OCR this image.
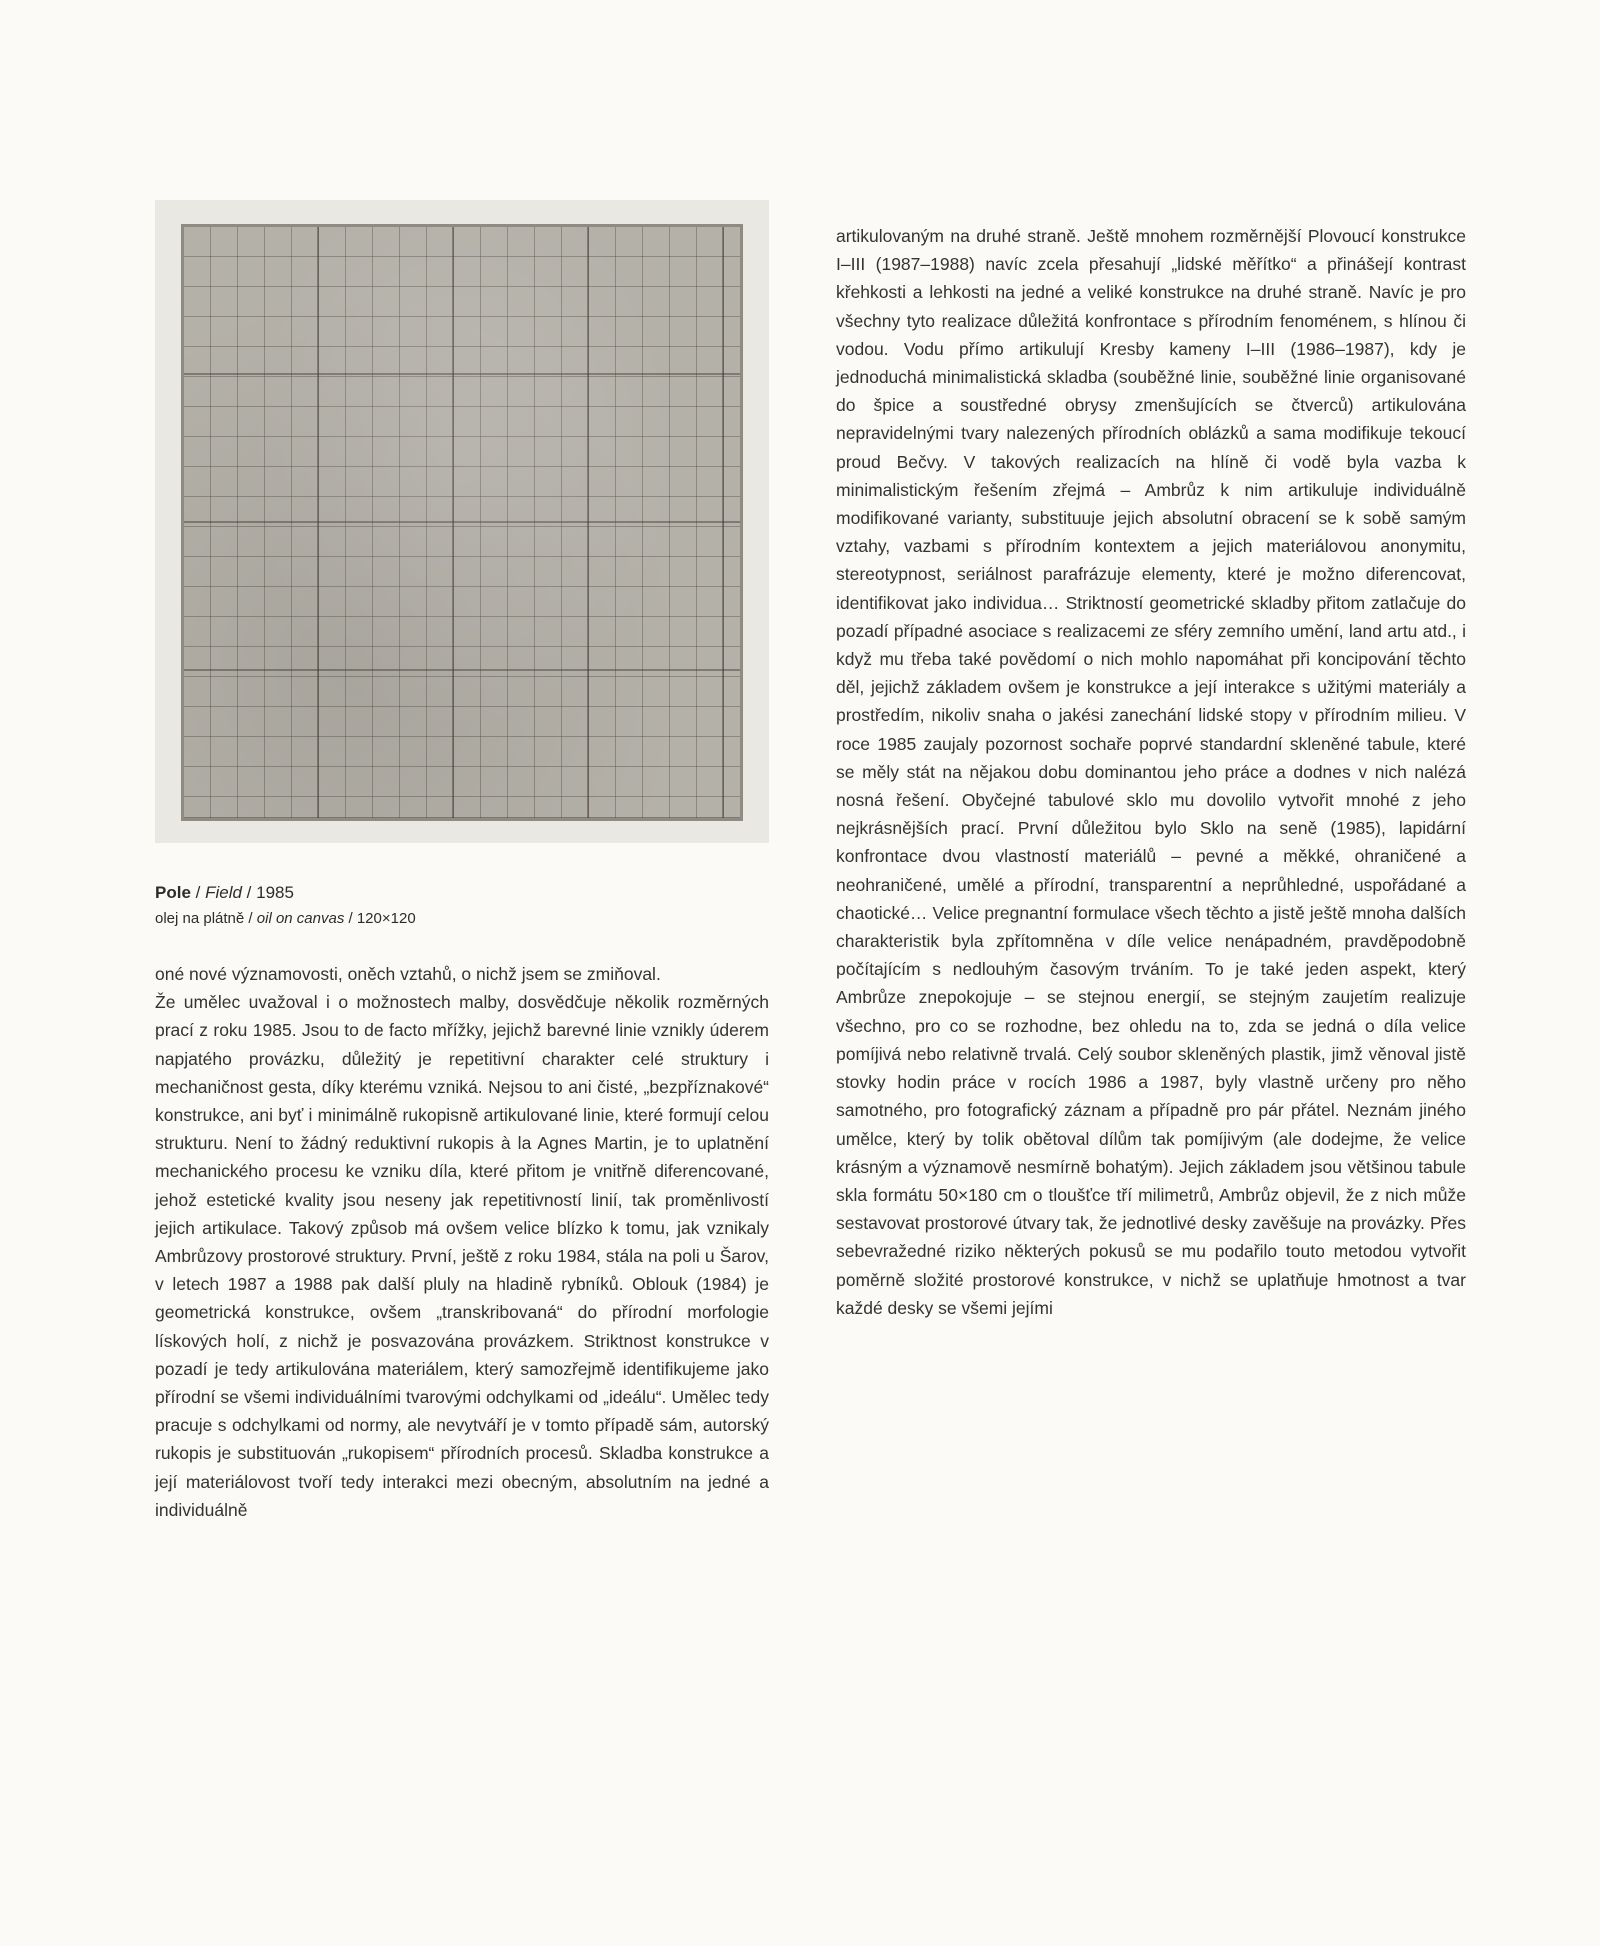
Pole / Field / 1985
olej na plátně / oil on canvas / 120×120

oné nové významovosti, oněch vztahů, o nichž jsem se zmiňoval.

Že umělec uvažoval i o možnostech malby, dosvědčuje několik rozměrných prací z roku 1985. Jsou to de facto mřížky, jejichž barevné linie vznikly úderem napjatého provázku, důležitý je repetitivní charakter celé struktury i mechaničnost gesta, díky kterému vzniká. Nejsou to ani čisté, „bezpříznakové“ konstrukce, ani byť i minimálně rukopisně artikulované linie, které formují celou strukturu. Není to žádný reduktivní rukopis à la Agnes Martin, je to uplatnění mechanického procesu ke vzniku díla, které přitom je vnitřně diferencované, jehož estetické kvality jsou neseny jak repetitivností linií, tak proměnlivostí jejich artikulace. Takový způsob má ovšem velice blízko k tomu, jak vznikaly Ambrůzovy prostorové struktury. První, ještě z roku 1984, stála na poli u Šarov, v letech 1987 a 1988 pak další pluly na hladině rybníků. Oblouk (1984) je geometrická konstrukce, ovšem „transkribovaná“ do přírodní morfologie lískových holí, z nichž je posvazována provázkem. Striktnost konstrukce v pozadí je tedy artikulována materiálem, který samozřejmě identifikujeme jako přírodní se všemi individuálními tvarovými odchylkami od „ideálu“. Umělec tedy pracuje s odchylkami od normy, ale nevytváří je v tomto případě sám, autorský rukopis je substituován „rukopisem“ přírodních procesů. Skladba konstrukce a její materiálovost tvoří tedy interakci mezi obecným, absolutním na jedné a individuálně

artikulovaným na druhé straně. Ještě mnohem rozměrnější Plovoucí konstrukce I–III (1987–1988) navíc zcela přesahují „lidské měřítko“ a přinášejí kontrast křehkosti a lehkosti na jedné a veliké konstrukce na druhé straně. Navíc je pro všechny tyto realizace důležitá konfrontace s přírodním fenoménem, s hlínou či vodou. Vodu přímo artikulují Kresby kameny I–III (1986–1987), kdy je jednoduchá minimalistická skladba (souběžné linie, souběžné linie organisované do špice a soustředné obrysy zmenšujících se čtverců) artikulována nepravidelnými tvary nalezených přírodních oblázků a sama modifikuje tekoucí proud Bečvy. V takových realizacích na hlíně či vodě byla vazba k minimalistickým řešením zřejmá – Ambrůz k nim artikuluje individuálně modifikované varianty, substituuje jejich absolutní obracení se k sobě samým vztahy, vazbami s přírodním kontextem a jejich materiálovou anonymitu, stereotypnost, seriálnost parafrázuje elementy, které je možno diferencovat, identifikovat jako individua… Striktností geometrické skladby přitom zatlačuje do pozadí případné asociace s realizacemi ze sféry zemního umění, land artu atd., i když mu třeba také povědomí o nich mohlo napomáhat při koncipování těchto děl, jejichž základem ovšem je konstrukce a její interakce s užitými materiály a prostředím, nikoliv snaha o jakési zanechání lidské stopy v přírodním milieu. V roce 1985 zaujaly pozornost sochaře poprvé standardní skleněné tabule, které se měly stát na nějakou dobu dominantou jeho práce a dodnes v nich nalézá nosná řešení. Obyčejné tabulové sklo mu dovolilo vytvořit mnohé z jeho nejkrásnějších prací. První důležitou bylo Sklo na seně (1985), lapidární konfrontace dvou vlastností materiálů – pevné a měkké, ohraničené a neohraničené, umělé a přírodní, transparentní a neprůhledné, uspořádané a chaotické… Velice pregnantní formulace všech těchto a jistě ještě mnoha dalších charakteristik byla zpřítomněna v díle velice nenápadném, pravděpodobně počítajícím s nedlouhým časovým trváním. To je také jeden aspekt, který Ambrůze znepokojuje – se stejnou energií, se stejným zaujetím realizuje všechno, pro co se rozhodne, bez ohledu na to, zda se jedná o díla velice pomíjivá nebo relativně trvalá. Celý soubor skleněných plastik, jimž věnoval jistě stovky hodin práce v rocích 1986 a 1987, byly vlastně určeny pro něho samotného, pro fotografický záznam a případně pro pár přátel. Neznám jiného umělce, který by tolik obětoval dílům tak pomíjivým (ale dodejme, že velice krásným a významově nesmírně bohatým). Jejich základem jsou většinou tabule skla formátu 50×180 cm o tloušťce tří milimetrů, Ambrůz objevil, že z nich může sestavovat prostorové útvary tak, že jednotlivé desky zavěšuje na provázky. Přes sebevražedné riziko některých pokusů se mu podařilo touto metodou vytvořit poměrně složité prostorové konstrukce, v nichž se uplatňuje hmotnost a tvar každé desky se všemi jejími
